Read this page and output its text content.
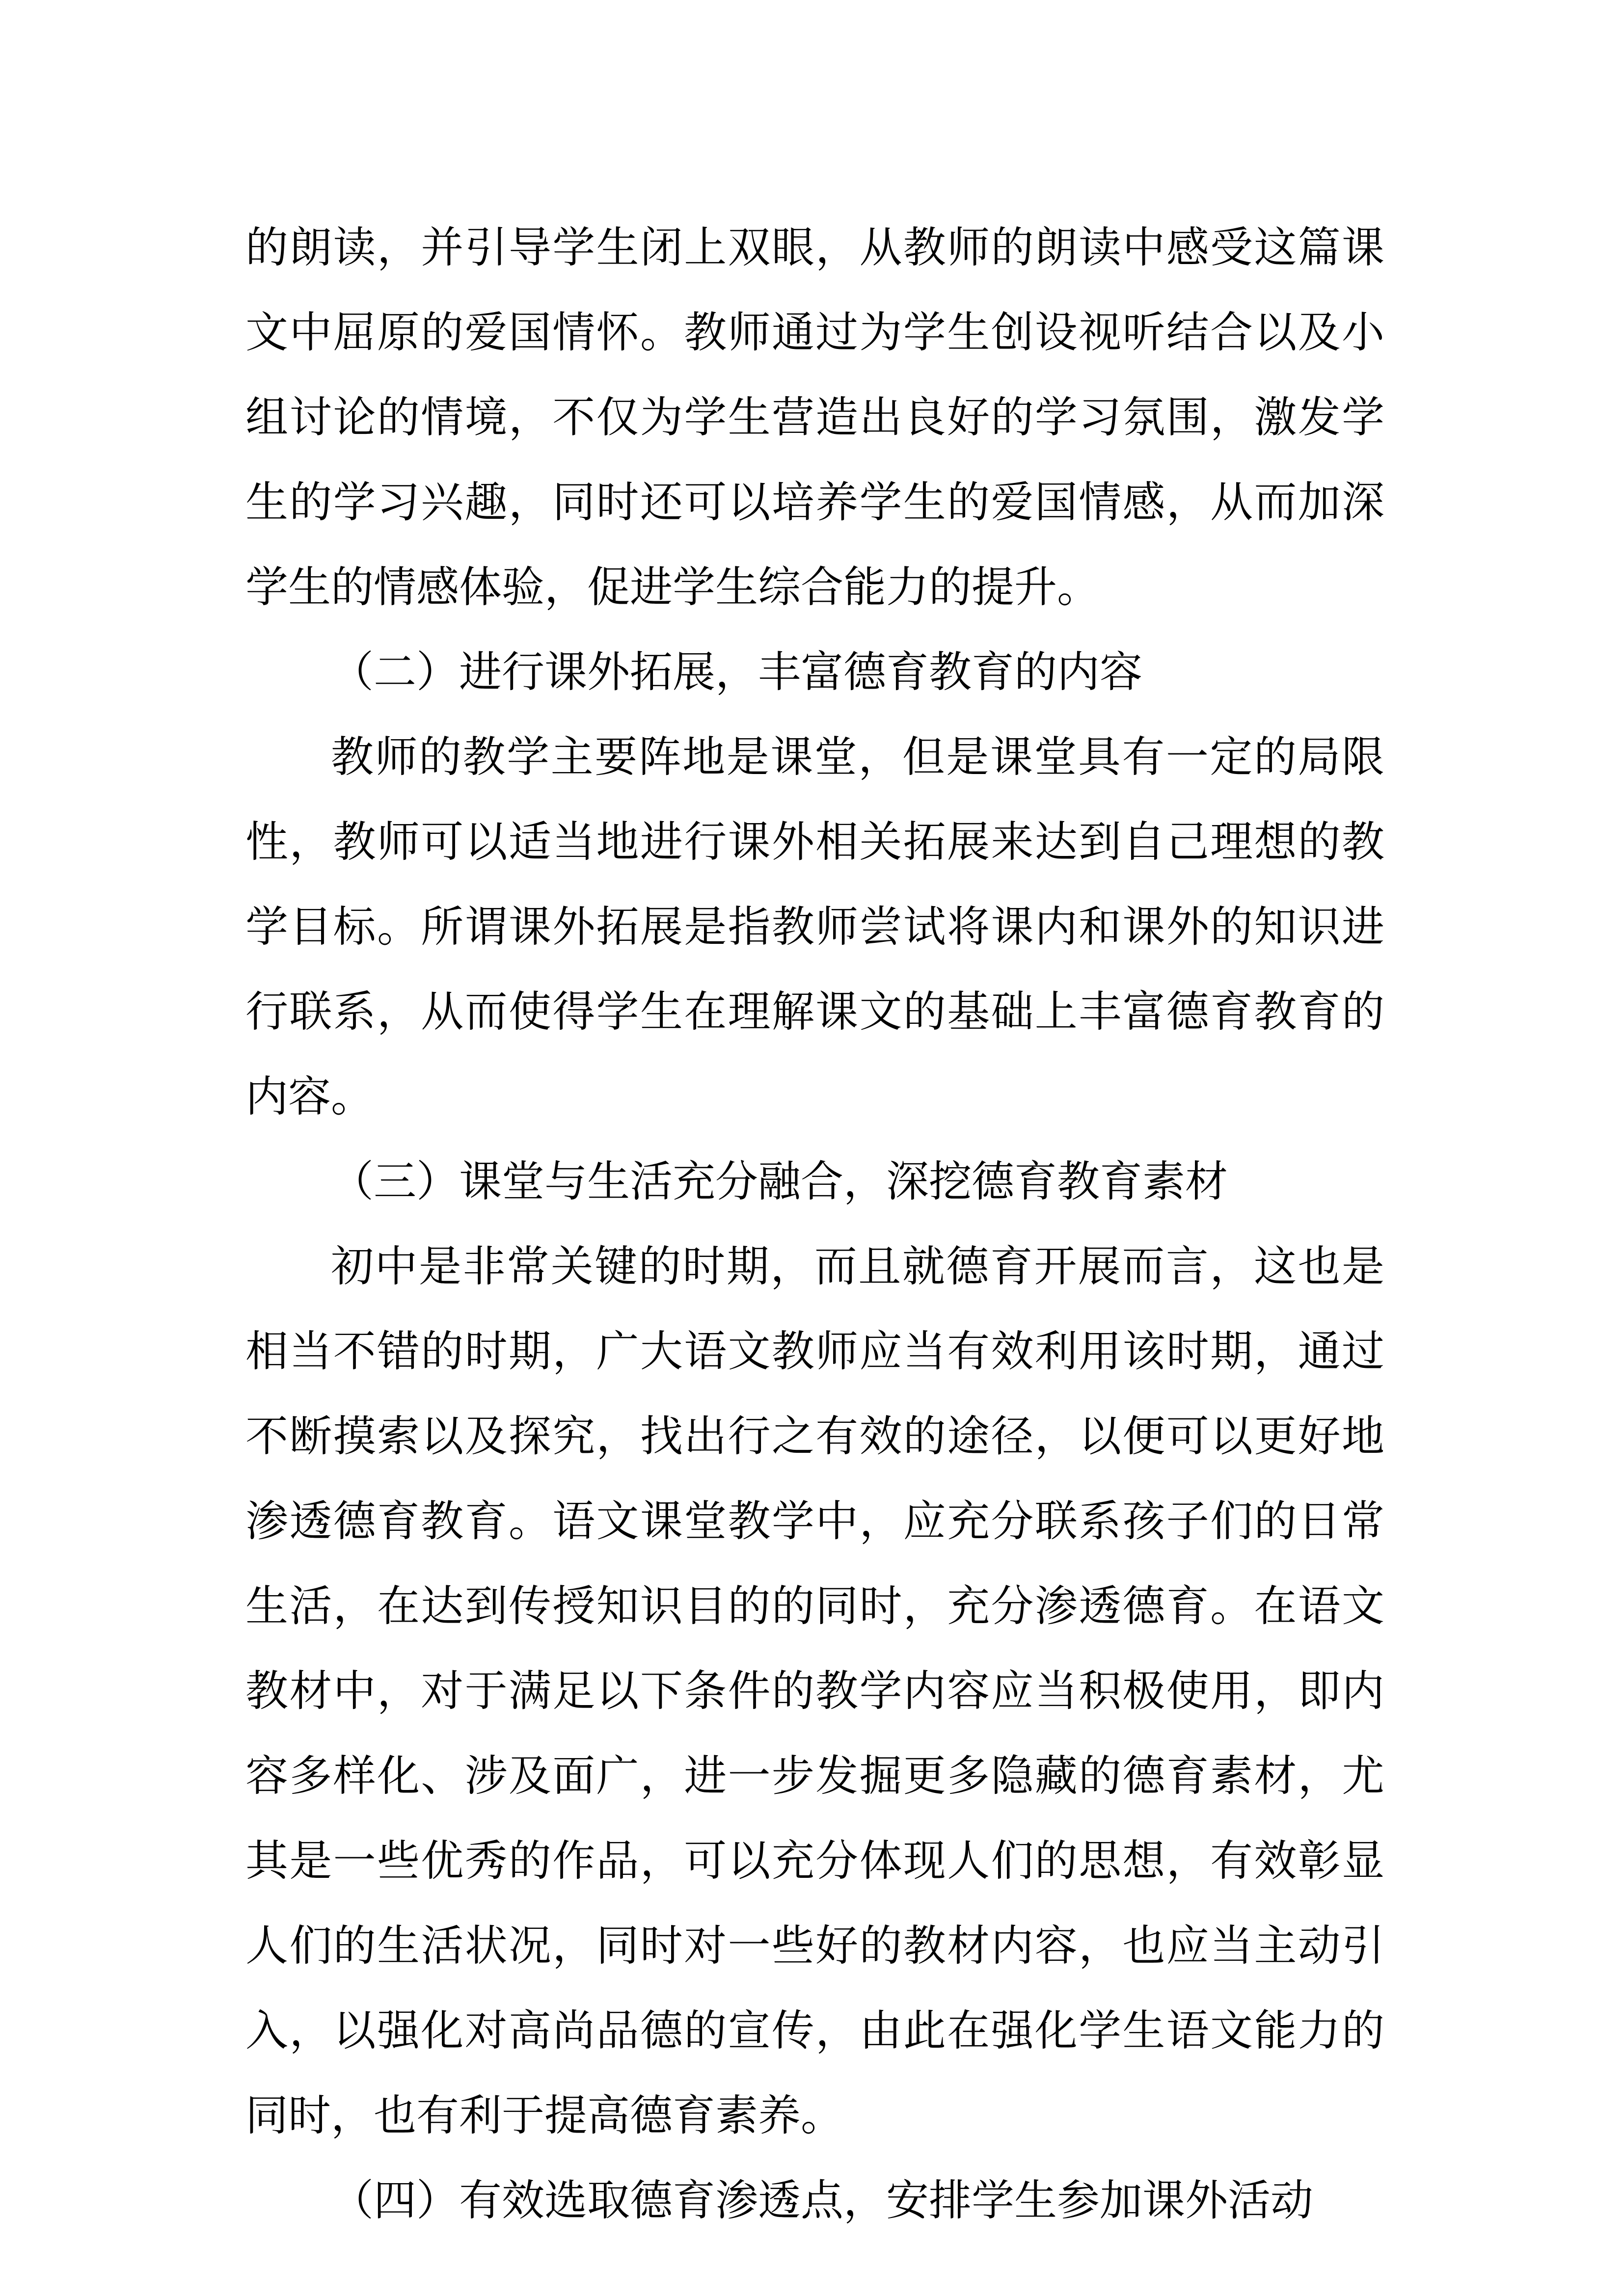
的朗读，并引导学生闭上双眼，从教师的朗读中感受这篇课文中屈原的爱国情怀。教师通过为学生创设视听结合以及小组讨论的情境，不仅为学生营造出良好的学习氛围，激发学生的学习兴趣，同时还可以培养学生的爱国情感，从而加深学生的情感体验，促进学生综合能力的提升。

（二）进行课外拓展，丰富德育教育的内容

教师的教学主要阵地是课堂，但是课堂具有一定的局限性，教师可以适当地进行课外相关拓展来达到自己理想的教学目标。所谓课外拓展是指教师尝试将课内和课外的知识进行联系，从而使得学生在理解课文的基础上丰富德育教育的内容。

（三）课堂与生活充分融合，深挖德育教育素材

初中是非常关键的时期，而且就德育开展而言，这也是相当不错的时期，广大语文教师应当有效利用该时期，通过不断摸索以及探究，找出行之有效的途径，以便可以更好地渗透德育教育。语文课堂教学中，应充分联系孩子们的日常生活，在达到传授知识目的的同时，充分渗透德育。在语文教材中，对于满足以下条件的教学内容应当积极使用，即内容多样化、涉及面广，进一步发掘更多隐藏的德育素材，尤其是一些优秀的作品，可以充分体现人们的思想，有效彰显人们的生活状况，同时对一些好的教材内容，也应当主动引入，以强化对高尚品德的宣传，由此在强化学生语文能力的同时，也有利于提高德育素养。

（四）有效选取德育渗透点，安排学生参加课外活动
